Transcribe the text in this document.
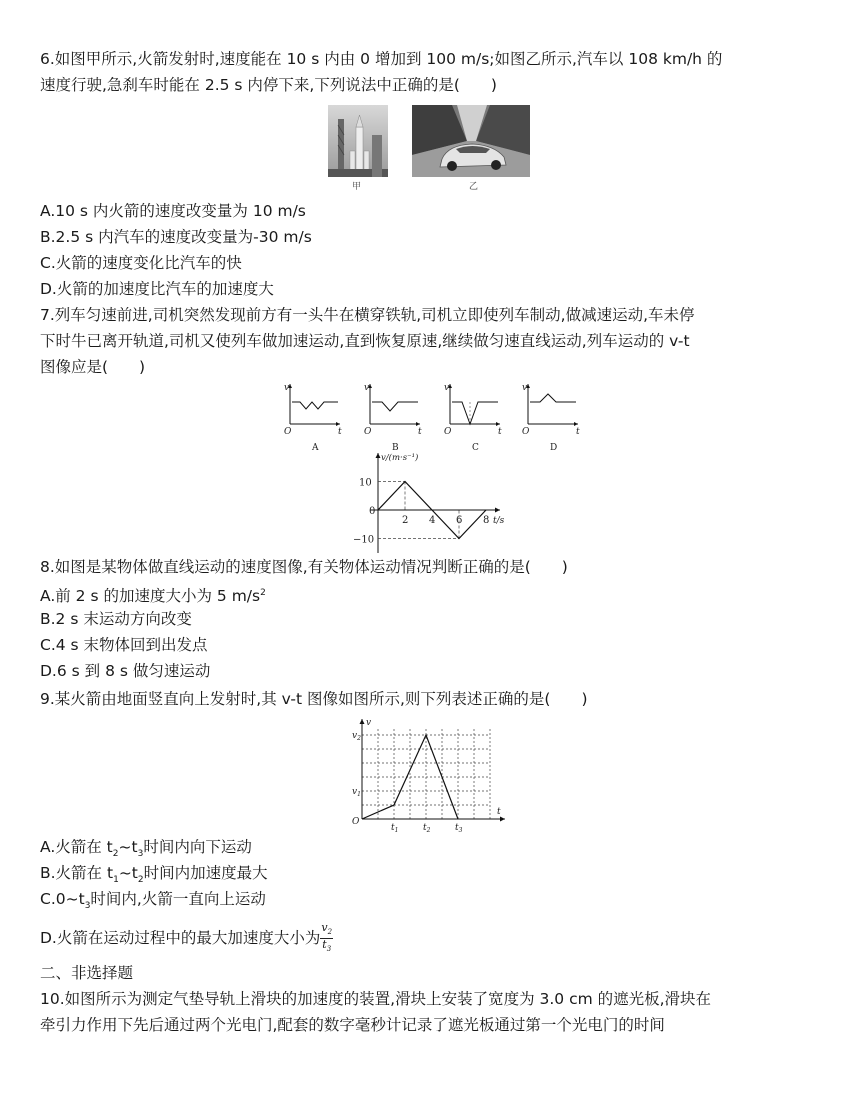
6.如图甲所示,火箭发射时,速度能在 10 s 内由 0 增加到 100 m/s;如图乙所示,汽车以 108 km/h 的
速度行驶,急刹车时能在 2.5 s 内停下来,下列说法中正确的是(　　)
甲	乙
A.10 s 内火箭的速度改变量为 10 m/s
B.2.5 s 内汽车的速度改变量为-30 m/s
C.火箭的速度变化比汽车的快
D.火箭的加速度比汽车的加速度大
7.列车匀速前进,司机突然发现前方有一头牛在横穿铁轨,司机立即使列车制动,做减速运动,车未停
下时牛已离开轨道,司机又使列车做加速运动,直到恢复原速,继续做匀速直线运动,列车运动的 v-t
图像应是(　　)
v
t
O
A
v
t
O
B
v
t
O
C
v
t
O
D
v/(m·s⁻¹)
t/s
0
10
−10
2 4 6 8
8.如图是某物体做直线运动的速度图像,有关物体运动情况判断正确的是(　　)
A.前 2 s 的加速度大小为 5 $m/s^2$
B.2 s 末运动方向改变
C.4 s 末物体回到出发点
D.6 s 到 8 s 做匀速运动
9.某火箭由地面竖直向上发射时,其 v-t 图像如图所示,则下列表述正确的是(　　)
v
t
O
$v_1$
$v_2$
$t_1$	$t_2$	$t_3$
A.火箭在 $t_2\sim t_3$时间内向下运动
B.火箭在 $t_1\sim t_2$时间内加速度最大
$C.0\sim t_3$时间内,火箭一直向上运动
D.火箭在运动过程中的最大加速度大小为 $\frac{v_2}{t_3}$
二、非选择题
10.如图所示为测定气垫导轨上滑块的加速度的装置,滑块上安装了宽度为 3.0 cm 的遮光板,滑块在
牵引力作用下先后通过两个光电门,配套的数字毫秒计记录了遮光板通过第一个光电门的时间
